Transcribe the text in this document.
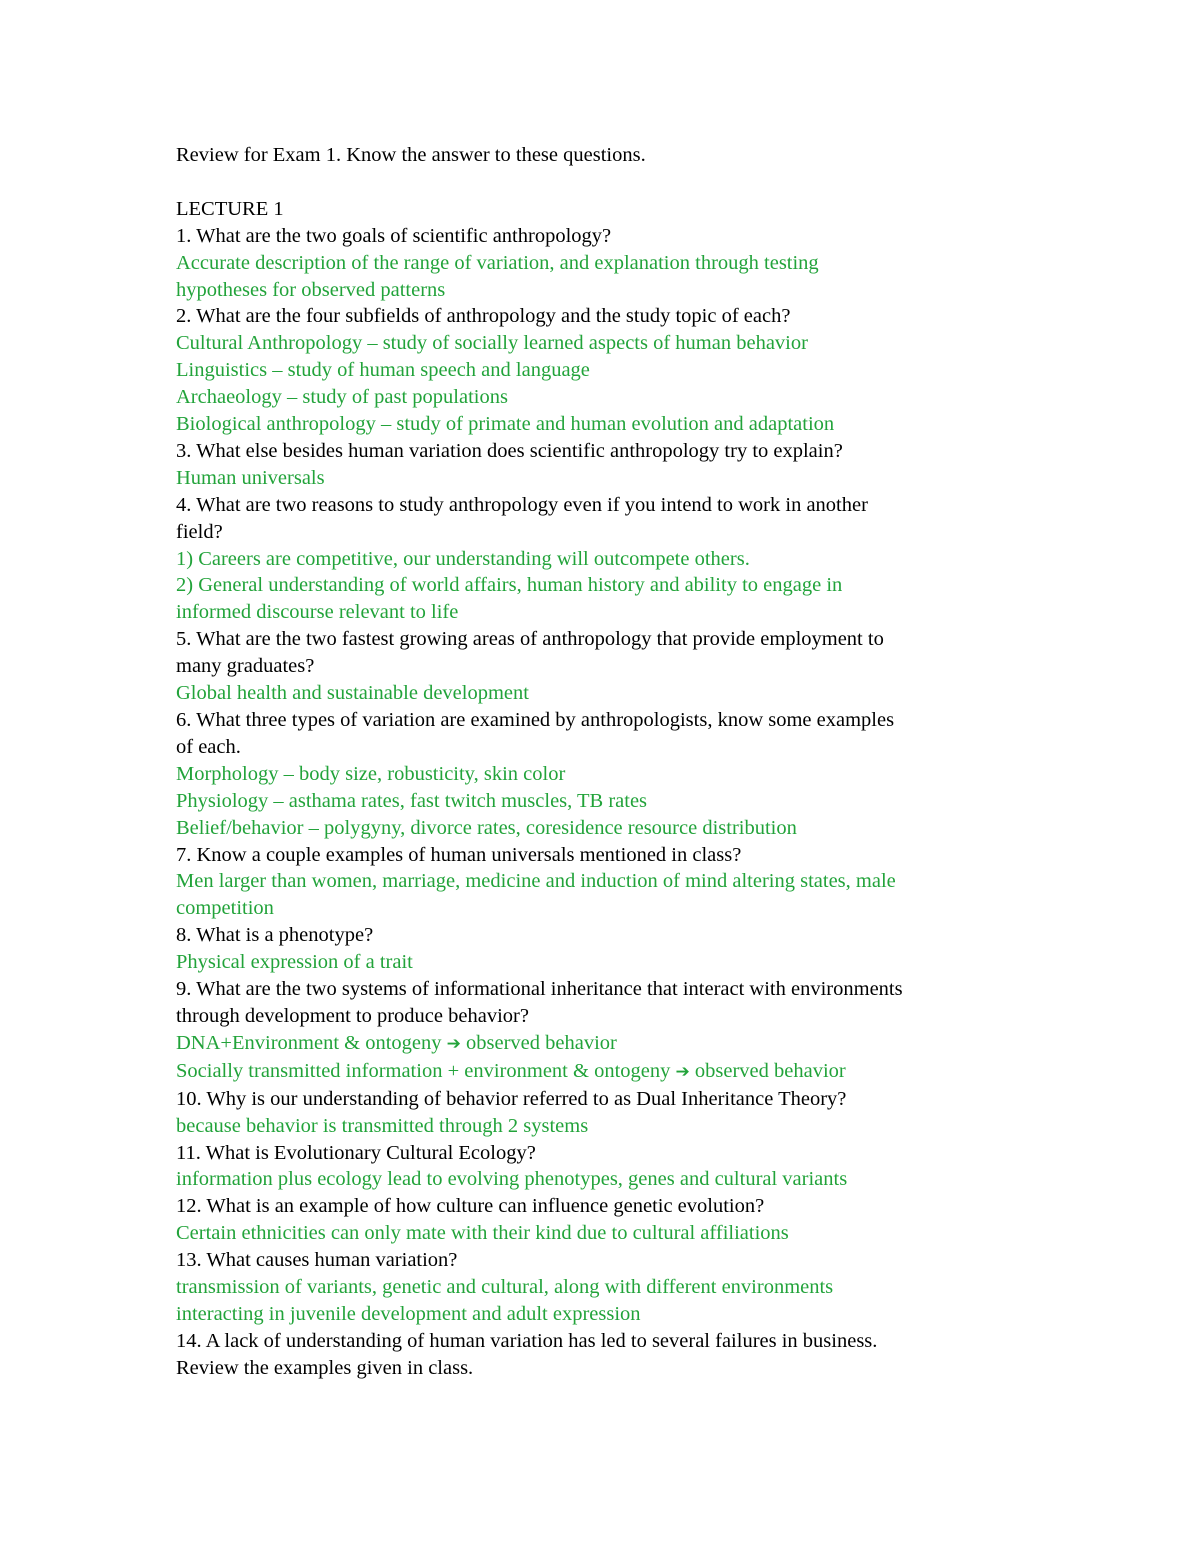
Review for Exam 1. Know the answer to these questions.
LECTURE 1
1. What are the two goals of scientific anthropology?
Accurate description of the range of variation, and explanation through testing
hypotheses for observed patterns
2. What are the four subfields of anthropology and the study topic of each?
Cultural Anthropology – study of socially learned aspects of human behavior
Linguistics – study of human speech and language
Archaeology – study of past populations
Biological anthropology – study of primate and human evolution and adaptation
3. What else besides human variation does scientific anthropology try to explain?
Human universals
4. What are two reasons to study anthropology even if you intend to work in another
field?
1) Careers are competitive, our understanding will outcompete others.
2) General understanding of world affairs, human history and ability to engage in
informed discourse relevant to life
5. What are the two fastest growing areas of anthropology that provide employment to
many graduates?
Global health and sustainable development
6. What three types of variation are examined by anthropologists, know some examples
of each.
Morphology – body size, robusticity, skin color
Physiology – asthama rates, fast twitch muscles, TB rates
Belief/behavior – polygyny, divorce rates, coresidence resource distribution
7. Know a couple examples of human universals mentioned in class?
Men larger than women, marriage, medicine and induction of mind altering states, male
competition
8. What is a phenotype?
Physical expression of a trait
9. What are the two systems of informational inheritance that interact with environments
through development to produce behavior?
DNA+Environment & ontogeny ➔ observed behavior
Socially transmitted information + environment & ontogeny ➔ observed behavior
10. Why is our understanding of behavior referred to as Dual Inheritance Theory?
because behavior is transmitted through 2 systems
11. What is Evolutionary Cultural Ecology?
information plus ecology lead to evolving phenotypes, genes and cultural variants
12. What is an example of how culture can influence genetic evolution?
Certain ethnicities can only mate with their kind due to cultural affiliations
13. What causes human variation?
transmission of variants, genetic and cultural, along with different environments
interacting in juvenile development and adult expression
14. A lack of understanding of human variation has led to several failures in business.
Review the examples given in class.
